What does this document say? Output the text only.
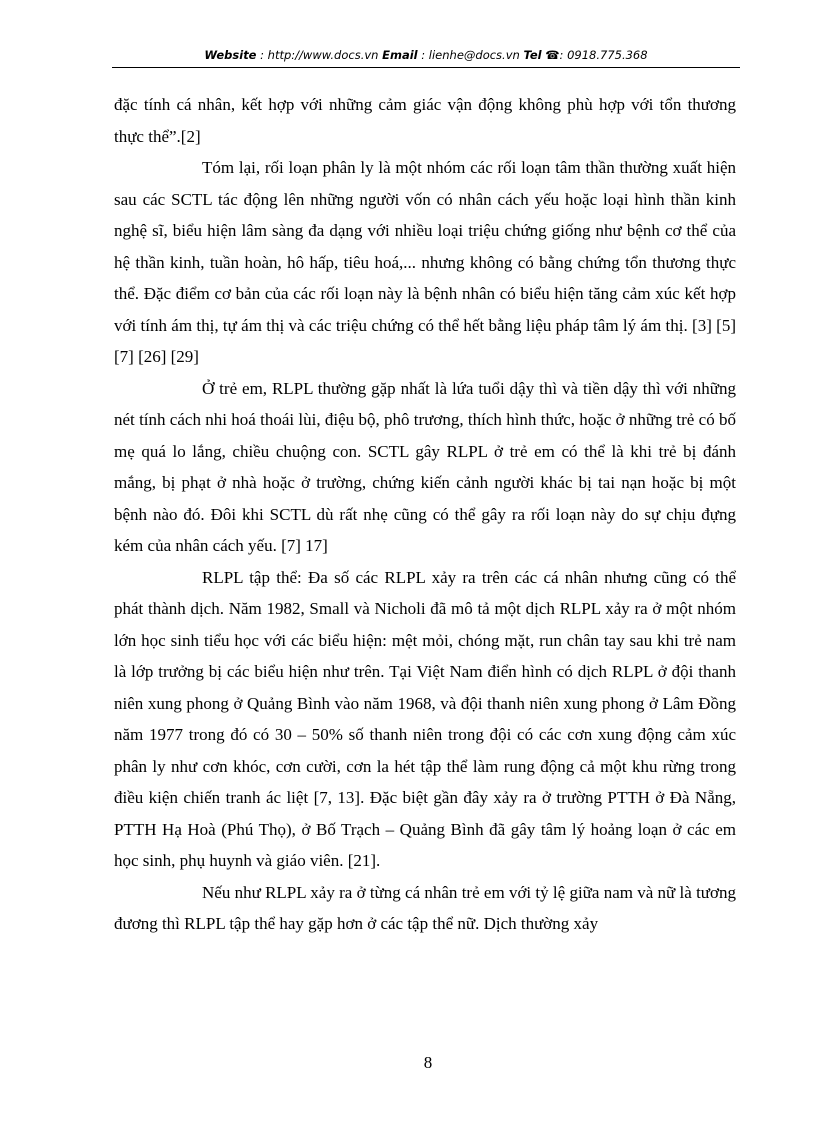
Website : http://www.docs.vn Email : lienhe@docs.vn Tel ☎: 0918.775.368

đặc tính cá nhân, kết hợp với những cảm giác vận động không phù hợp với tổn thương thực thể”.[2]

Tóm lại, rối loạn phân ly là một nhóm các rối loạn tâm thần thường xuất hiện sau các SCTL tác động lên những người vốn có nhân cách yếu hoặc loại hình thần kinh nghệ sĩ, biểu hiện lâm sàng đa dạng với nhiều loại triệu chứng giống như bệnh cơ thể của hệ thần kinh, tuần hoàn, hô hấp, tiêu hoá,... nhưng không có bằng chứng tổn thương thực thể. Đặc điểm cơ bản của các rối loạn này là bệnh nhân có biểu hiện tăng cảm xúc kết hợp với tính ám thị, tự ám thị và các triệu chứng có thể hết bằng liệu pháp tâm lý ám thị. [3] [5] [7] [26] [29]

Ở trẻ em, RLPL thường gặp nhất là lứa tuổi dậy thì và tiền dậy thì với những nét tính cách nhi hoá thoái lùi, điệu bộ, phô trương, thích hình thức, hoặc ở những trẻ có bố mẹ quá lo lắng, chiều chuộng con. SCTL gây RLPL ở trẻ em có thể là khi trẻ bị đánh mắng, bị phạt ở nhà hoặc ở trường, chứng kiến cảnh người khác bị tai nạn hoặc bị một bệnh nào đó. Đôi khi SCTL dù rất nhẹ cũng có thể gây ra rối loạn này do sự chịu đựng kém của nhân cách yếu. [7] 17]

RLPL tập thể: Đa số các RLPL xảy ra trên các cá nhân nhưng cũng có thể phát thành dịch. Năm 1982, Small và Nicholi đã mô tả một dịch RLPL xảy ra ở một nhóm lớn học sinh tiểu học với các biểu hiện: mệt mỏi, chóng mặt, run chân tay sau khi trẻ nam là lớp trưởng bị các biểu hiện như trên. Tại Việt Nam điển hình có dịch RLPL ở đội thanh niên xung phong ở Quảng Bình vào năm 1968, và đội thanh niên xung phong ở Lâm Đồng năm 1977 trong đó có 30 – 50% số thanh niên trong đội có các cơn xung động cảm xúc phân ly như cơn khóc, cơn cười, cơn la hét tập thể làm rung động cả một khu rừng trong điều kiện chiến tranh ác liệt [7, 13]. Đặc biệt gần đây xảy ra ở trường PTTH ở Đà Nẵng, PTTH Hạ Hoà (Phú Thọ), ở Bố Trạch – Quảng Bình đã gây tâm lý hoảng loạn ở các em học sinh, phụ huynh và giáo viên. [21].

Nếu như RLPL xảy ra ở từng cá nhân trẻ em với tỷ lệ giữa nam và nữ là tương đương thì RLPL tập thể hay gặp hơn ở các tập thể nữ. Dịch thường xảy

8
